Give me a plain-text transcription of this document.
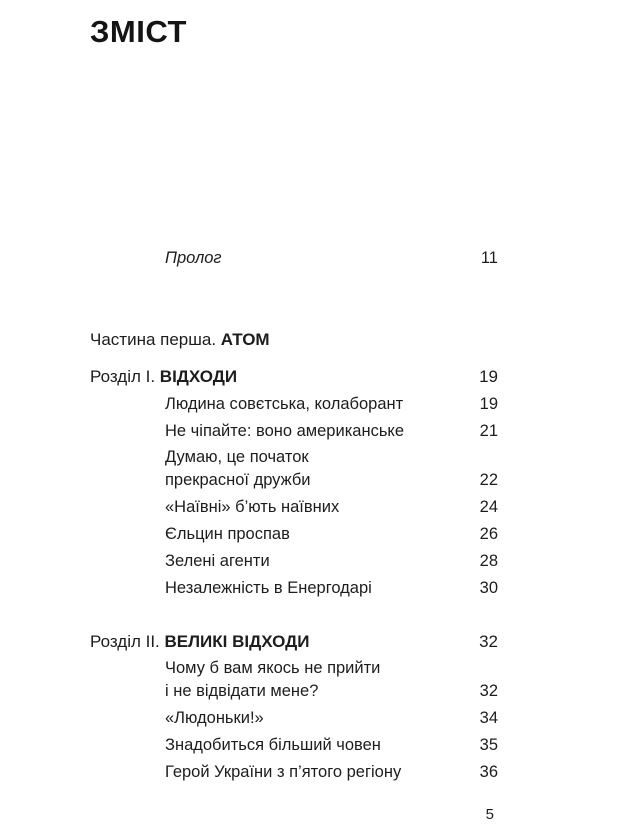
ЗМІСТ
Пролог	11
Частина перша. АТОМ
Розділ I. ВІДХОДИ	19
Людина совєтська, колаборант	19
Не чіпайте: воно американське	21
Думаю, це початок
прекрасної дружби	22
«Наївні» б’ють наївних	24
Єльцин проспав	26
Зелені агенти	28
Незалежність в Енергодарі	30
Розділ II. ВЕЛИКІ ВІДХОДИ	32
Чому б вам якось не прийти
і не відвідати мене?	32
«Людоньки!»	34
Знадобиться більший човен	35
Герой України з п’ятого регіону	36
5
